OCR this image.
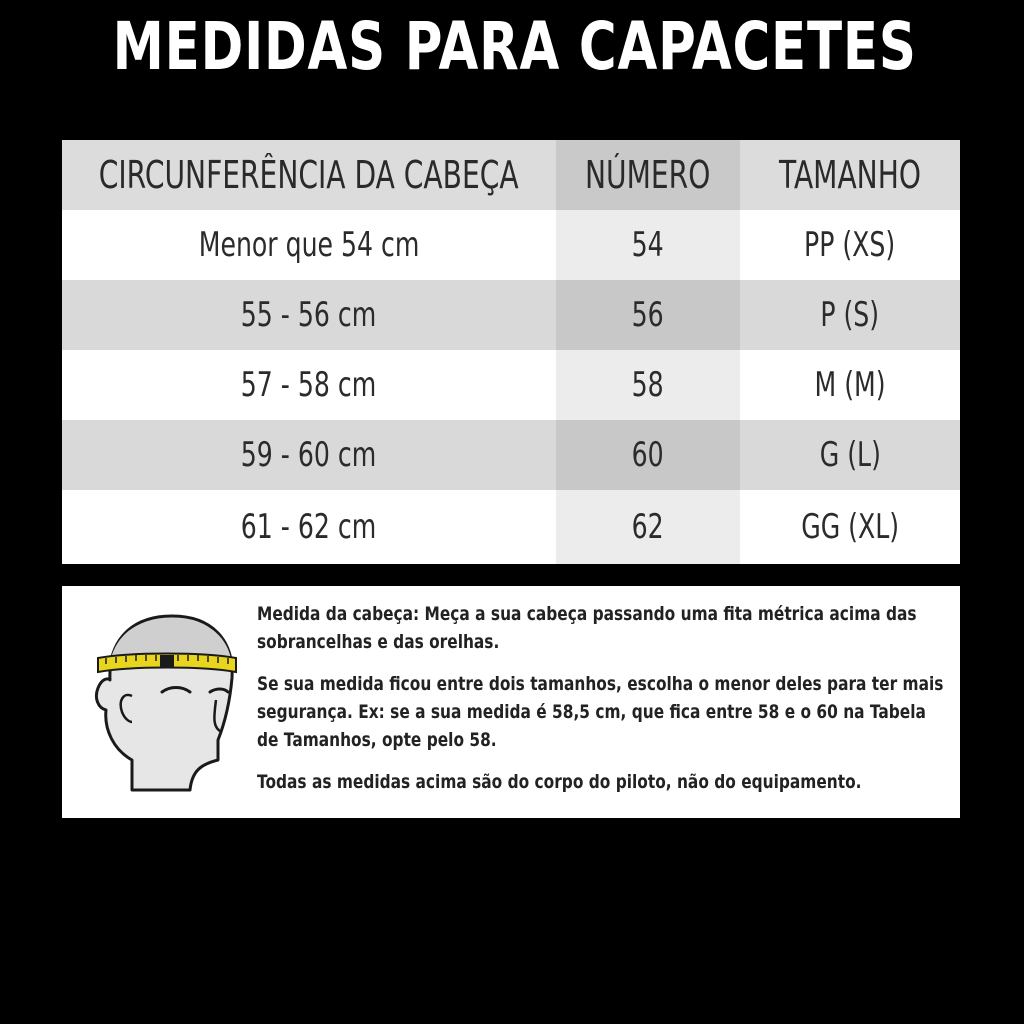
MEDIDAS PARA CAPACETES
CIRCUNFERÊNCIA DA CABEÇA NÚMERO TAMANHO
Menor que 54 cm	54	PP (XS)
55 - 56 cm	56	P (S)
57 - 58 cm	58	M (M)
59 - 60 cm	60	G (L)
61 - 62 cm	62	GG (XL)

Medida da cabeça: Meça a sua cabeça passando uma fita métrica acima das sobrancelhas e das orelhas.

Se sua medida ficou entre dois tamanhos, escolha o menor deles para ter mais segurança. Ex: se a sua medida é 58,5 cm, que fica entre 58 e o 60 na Tabela de Tamanhos, opte pelo 58.

Todas as medidas acima são do corpo do piloto, não do equipamento.
